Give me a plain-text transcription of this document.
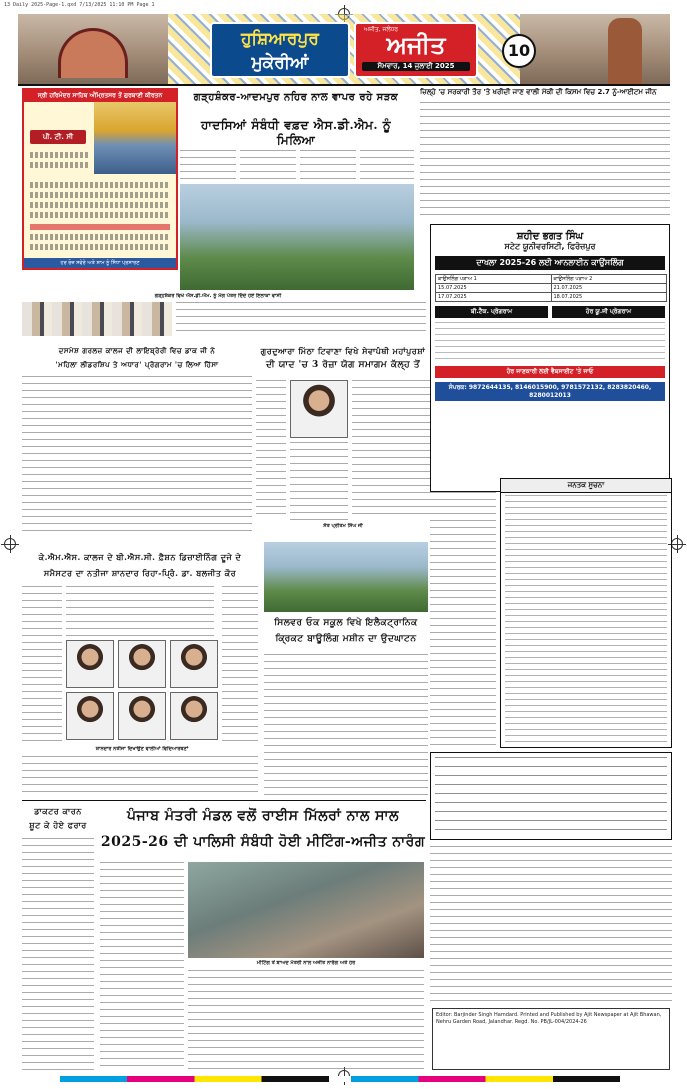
13 Daily 2025-Page-1.qxd 7/13/2025 11:10 PM Page 1
ਹੁਸ਼ਿਆਰਪੁਰ
ਮੁਕੇਰੀਆਂ
ਅਜੀਤ, ਜਲੰਧਰ
ਅਜੀਤ
ਸੋਮਵਾਰ, 14 ਜੁਲਾਈ 2025
10
ਸ੍ਰੀ ਹਰਿਮੰਦਰ ਸਾਹਿਬ ਅੰਮ੍ਰਿਤਸਰ ਤੋਂ ਗੁਰਬਾਣੀ ਕੀਰਤਨ
ਪੀ. ਟੀ. ਸੀ
ਹਰ ਰੋਜ਼ ਸਵੇਰੇ ਅਤੇ ਸ਼ਾਮ ਨੂੰ ਸਿੱਧਾ ਪ੍ਰਸਾਰਣ
ਗੜ੍ਹਸ਼ੰਕਰ-ਆਦਮਪੁਰ ਨਹਿਰ ਨਾਲ ਵਾਪਰ ਰਹੇ ਸੜਕ
ਹਾਦਸਿਆਂ ਸੰਬੰਧੀ ਵਫ਼ਦ ਐਸ.ਡੀ.ਐਮ. ਨੂੰ ਮਿਲਿਆ
ਗੜ੍ਹਸ਼ੰਕਰ ਵਿਖੇ ਐਸ.ਡੀ.ਐਮ. ਨੂੰ ਮੰਗ ਪੱਤਰ ਦਿੰਦੇ ਹੋਏ ਇਲਾਕਾ ਵਾਸੀ
ਜ਼ਿਲ੍ਹੇ 'ਚ ਸਰਕਾਰੀ ਤੌਰ 'ਤੇ ਖਰੀਦੀ ਜਾਣ ਵਾਲੀ ਮੱਕੀ ਦੀ ਕਿਸਮ ਵਿਚ 2.7 ਨੂੰ-ਆਈਟਮ ਜੀਨ
ਸ਼ਹੀਦ ਭਗਤ ਸਿੰਘ
ਸਟੇਟ ਯੂਨੀਵਰਸਿਟੀ, ਫਿਰੋਜ਼ਪੁਰ
ਦਾਖਲਾ 2025-26 ਲਈ ਆਨਲਾਈਨ ਕਾਉਂਸਲਿੰਗ
ਕਾਉਂਸਲਿੰਗ ਪੜਾਅ 1	ਕਾਉਂਸਲਿੰਗ ਪੜਾਅ 2
15.07.2025	21.07.2025
17.07.2025	18.07.2025
ਬੀ.ਟੈਕ. ਪ੍ਰੋਗਰਾਮ	ਹੋਰ ਯੂ.ਜੀ ਪ੍ਰੋਗਰਾਮ
ਹੋਰ ਜਾਣਕਾਰੀ ਲਈ ਵੈਬਸਾਈਟ 'ਤੇ ਜਾਓ
ਸੰਪਰਕ: 9872644135, 8146015900, 9781572132, 8283820460, 8280012013
ਦਸਮੇਸ਼ ਗਰਲਜ਼ ਕਾਲਜ ਦੀ ਲਾਇਬ੍ਰੇਰੀ ਵਿਚ ਡਾਕ ਜੀ ਨੇ
'ਮਹਿਲਾ ਲੀਡਰਸ਼ਿਪ ਤੇ ਅਧਾਰ' ਪ੍ਰੋਗਰਾਮ 'ਚ ਲਿਆ ਹਿੱਸਾ
ਗੁਰਦੁਆਰਾ ਮਿੱਠਾ ਟਿਵਾਣਾ ਵਿਖੇ ਸੇਵਾਪੰਥੀ ਮਹਾਂਪੁਰਸ਼ਾਂ
ਦੀ ਯਾਦ 'ਚ 3 ਰੋਜ਼ਾ ਯੋਗ ਸਮਾਗਮ ਕੱਲ੍ਹ ਤੋਂ
ਸੰਤ ਪ੍ਰੀਤਮ ਸਿੰਘ ਜੀ
ਜਨਤਕ ਸੂਚਨਾ
ਕੇ.ਐਮ.ਐਸ. ਕਾਲਜ ਦੇ ਬੀ.ਐਸ.ਸੀ. ਫ਼ੈਸ਼ਨ ਡਿਜ਼ਾਈਨਿੰਗ ਦੂਜੇ ਦੇ
ਸਮੈਸਟਰ ਦਾ ਨਤੀਜਾ ਸ਼ਾਨਦਾਰ ਰਿਹਾ-ਪ੍ਰਿੰ. ਡਾ. ਬਲਜੀਤ ਕੌਰ
ਸ਼ਾਨਦਾਰ ਨਤੀਜਾ ਦਿਖਾਉਣ ਵਾਲੀਆਂ ਵਿਦਿਆਰਥਣਾਂ
ਸਿਲਵਰ ਓਕ ਸਕੂਲ ਵਿਖੇ ਇਲੈਕਟ੍ਰਾਨਿਕ
ਕ੍ਰਿਕਟ ਬਾਊਲਿੰਗ ਮਸ਼ੀਨ ਦਾ ਉਦਘਾਟਨ
ਡਾਕਟਰ ਕਾਰਨ
ਸ਼ੂਟ ਕੇ ਹੋਏ ਫਰਾਰ
ਪੰਜਾਬ ਮੰਤਰੀ ਮੰਡਲ ਵਲੋਂ ਰਾਈਸ ਮਿੱਲਰਾਂ ਨਾਲ ਸਾਲ
2025-26 ਦੀ ਪਾਲਿਸੀ ਸੰਬੰਧੀ ਹੋਈ ਮੀਟਿੰਗ-ਅਜੀਤ ਨਾਰੰਗ
ਮੀਟਿੰਗ ਤੋਂ ਬਾਅਦ ਮੰਤਰੀ ਨਾਲ ਅਜੀਤ ਨਾਰੰਗ ਅਤੇ ਹੋਰ
Editor: Barjinder Singh Hamdard. Printed and Published by Ajit Newspaper at Ajit Bhawan, Nehru Garden Road, Jalandhar. Regd. No. PB/JL-004/2024-26
